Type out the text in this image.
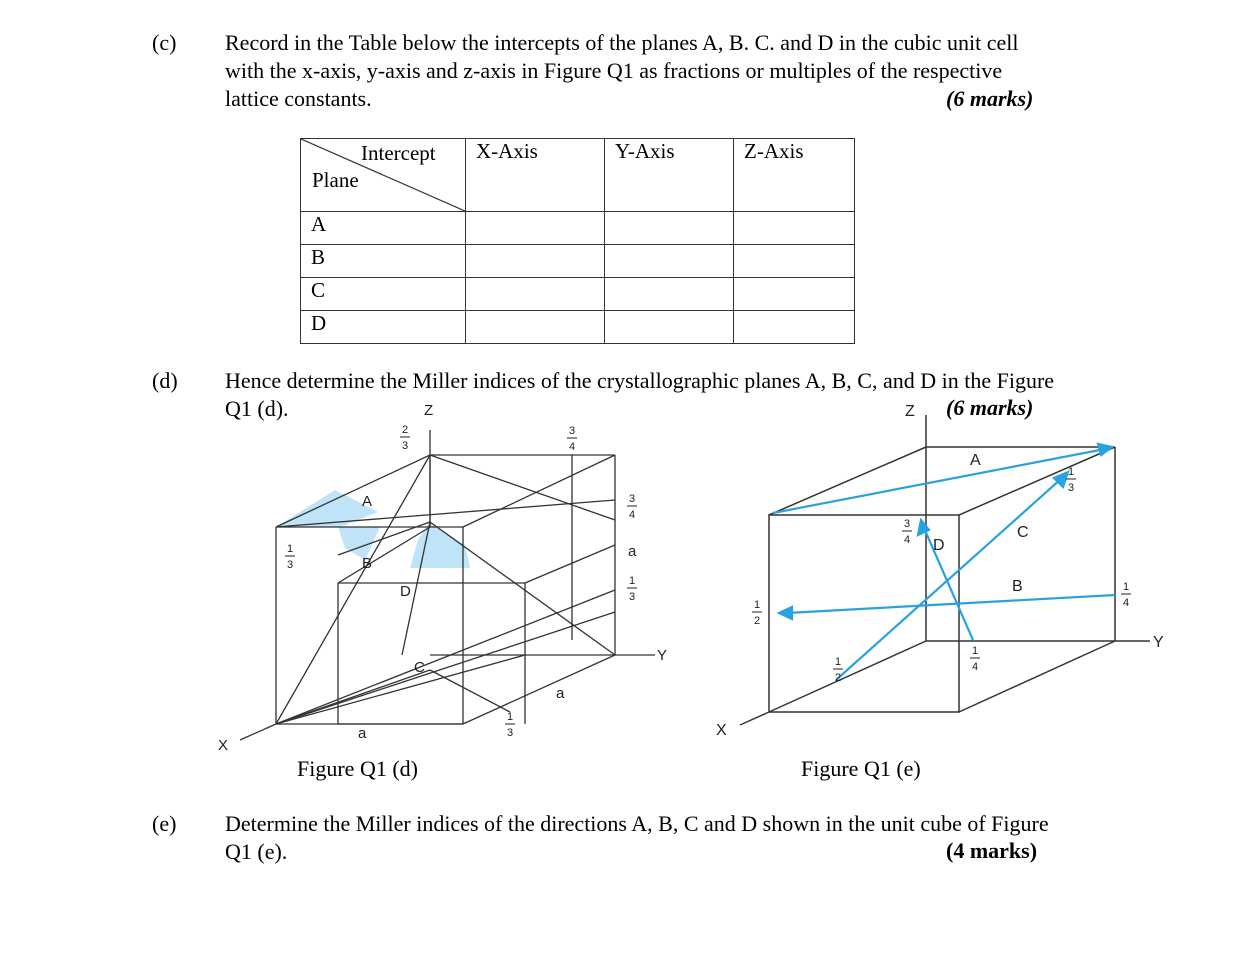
(c) Record in the Table below the intercepts of the planes A, B. C. and D in the cubic unit cell
with the x-axis, y-axis and z-axis in Figure Q1 as fractions or multiples of the respective
lattice constants.	(6 marks)
Intercept
Plane	X-Axis	Y-Axis	Z-Axis
A			
B			
C			
D			
(d) Hence determine the Miller indices of the crystallographic planes A, B, C, and D in the Figure
Q1 (d).	(6 marks)
2
3
3
4
3
4
1
3
1
3
1
3
Z
Y
X
A
B
C
D
a
a
a
Z
Y
X
A
B
C
D
1
3
1
4
1
4
1
2
1
2
3
4
Figure Q1 (d)	Figure Q1 (e)
(e) Determine the Miller indices of the directions A, B, C and D shown in the unit cube of Figure
Q1 (e).	(4 marks)
